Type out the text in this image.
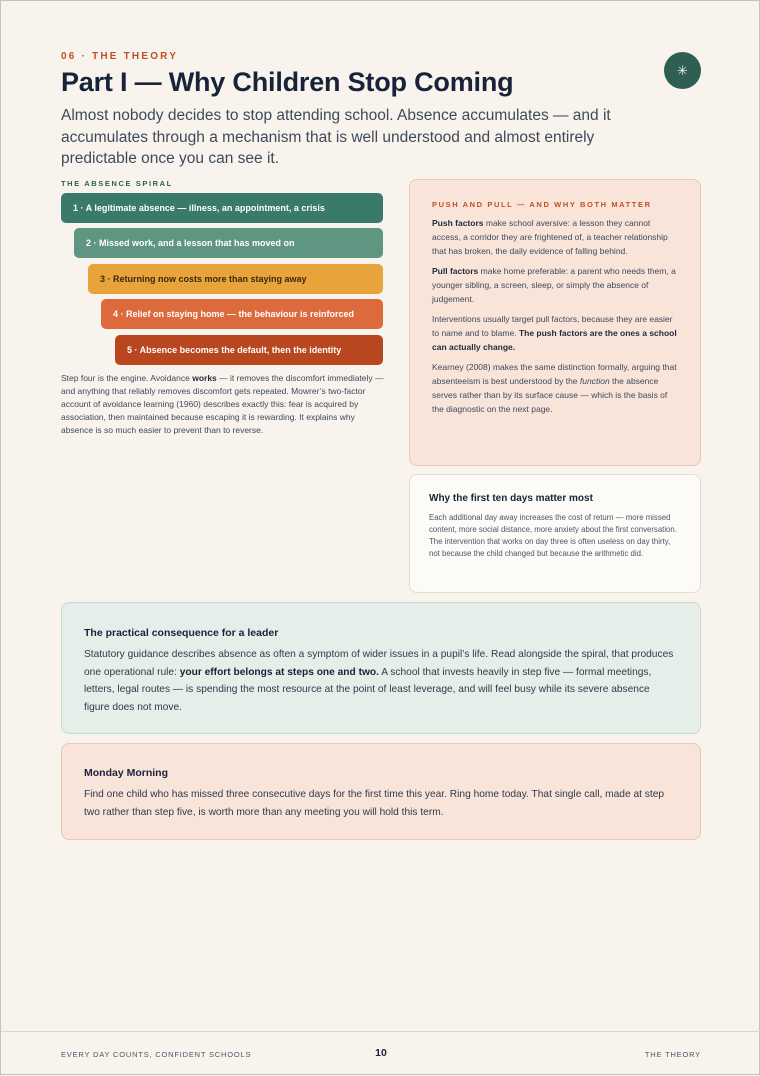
06 · THE THEORY
✳
Part I — Why Children Stop Coming

Almost nobody decides to stop attending school. Absence accumulates — and it accumulates through a mechanism that is well understood and almost entirely predictable once you can see it.

THE ABSENCE SPIRAL
1 · A legitimate absence — illness, an appointment, a crisis
2 · Missed work, and a lesson that has moved on
3 · Returning now costs more than staying away
4 · Relief on staying home — the behaviour is reinforced
5 · Absence becomes the default, then the identity

Step four is the engine. Avoidance works — it removes the discomfort immediately — and anything that reliably removes discomfort gets repeated. Mowrer’s two-factor account of avoidance learning (1960) describes exactly this: fear is acquired by association, then maintained because escaping it is rewarding. It explains why absence is so much easier to prevent than to reverse.

PUSH AND PULL — AND WHY BOTH MATTER

Push factors make school aversive: a lesson they cannot access, a corridor they are frightened of, a teacher relationship that has broken, the daily evidence of falling behind.

Pull factors make home preferable: a parent who needs them, a younger sibling, a screen, sleep, or simply the absence of judgement.

Interventions usually target pull factors, because they are easier to name and to blame. The push factors are the ones a school can actually change.

Kearney (2008) makes the same distinction formally, arguing that absenteeism is best understood by the function the absence serves rather than by its surface cause — which is the basis of the diagnostic on the next page.

Why the first ten days matter most

Each additional day away increases the cost of return — more missed content, more social distance, more anxiety about the first conversation. The intervention that works on day three is often useless on day thirty, not because the child changed but because the arithmetic did.

The practical consequence for a leader

Statutory guidance describes absence as often a symptom of wider issues in a pupil’s life. Read alongside the spiral, that produces one operational rule: your effort belongs at steps one and two. A school that invests heavily in step five — formal meetings, letters, legal routes — is spending the most resource at the point of least leverage, and will feel busy while its severe absence figure does not move.

Monday Morning

Find one child who has missed three consecutive days for the first time this year. Ring home today. That single call, made at step two rather than step five, is worth more than any meeting you will hold this term.

EVERY DAY COUNTS, CONFIDENT SCHOOLS	10	THE THEORY
